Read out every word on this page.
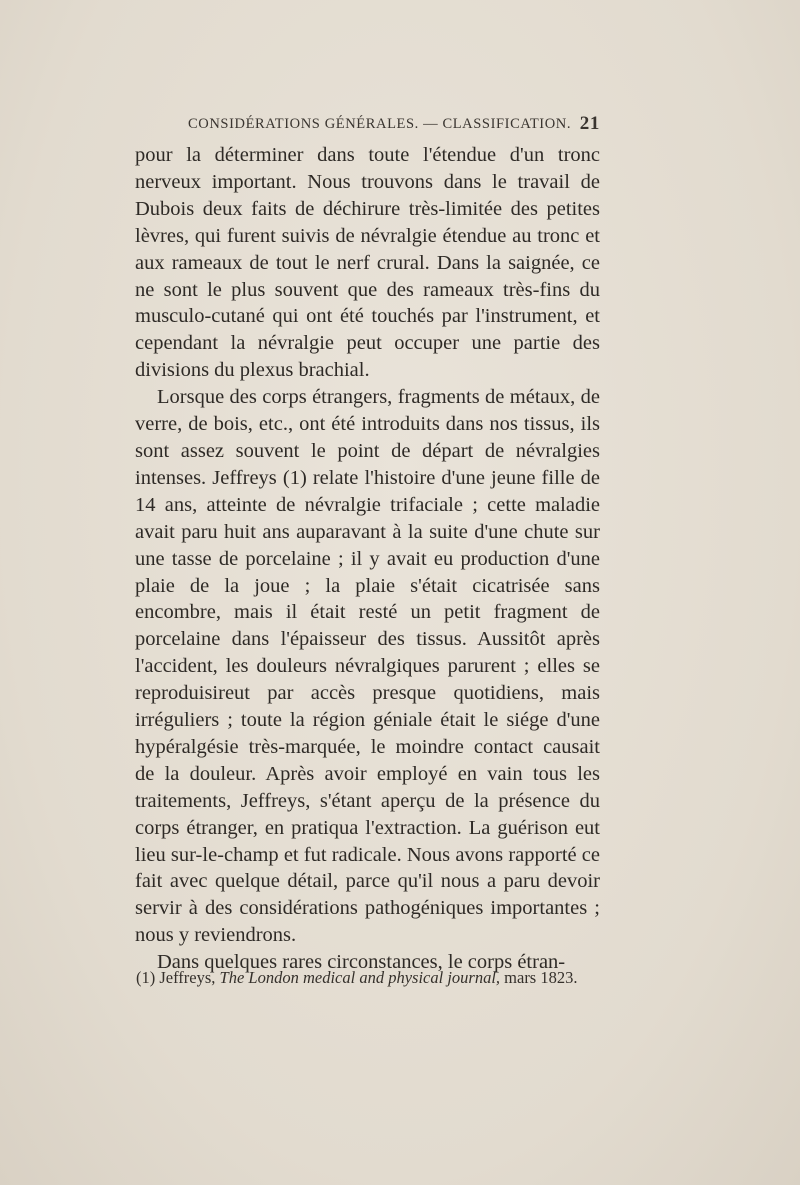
CONSIDÉRATIONS GÉNÉRALES. — CLASSIFICATION. 21

pour la déterminer dans toute l'étendue d'un tronc nerveux important. Nous trouvons dans le travail de Dubois deux faits de déchirure très-limitée des petites lèvres, qui furent suivis de névralgie étendue au tronc et aux rameaux de tout le nerf crural. Dans la saignée, ce ne sont le plus souvent que des rameaux très-fins du musculo-cutané qui ont été touchés par l'instrument, et cependant la névralgie peut occuper une partie des divisions du plexus brachial.

Lorsque des corps étrangers, fragments de métaux, de verre, de bois, etc., ont été introduits dans nos tissus, ils sont assez souvent le point de départ de névralgies intenses. Jeffreys (1) relate l'histoire d'une jeune fille de 14 ans, atteinte de névralgie trifaciale ; cette maladie avait paru huit ans auparavant à la suite d'une chute sur une tasse de porcelaine ; il y avait eu production d'une plaie de la joue ; la plaie s'était cicatrisée sans encombre, mais il était resté un petit fragment de porcelaine dans l'épaisseur des tissus. Aussitôt après l'accident, les douleurs névralgiques parurent ; elles se reproduisireut par accès presque quotidiens, mais irréguliers ; toute la région géniale était le siége d'une hypéralgésie très-marquée, le moindre contact causait de la douleur. Après avoir employé en vain tous les traitements, Jeffreys, s'étant aperçu de la présence du corps étranger, en pratiqua l'extraction. La guérison eut lieu sur-le-champ et fut radicale. Nous avons rapporté ce fait avec quelque détail, parce qu'il nous a paru devoir servir à des considérations pathogéniques importantes ; nous y reviendrons.

Dans quelques rares circonstances, le corps étran-

(1) Jeffreys, The London medical and physical journal, mars 1823.
